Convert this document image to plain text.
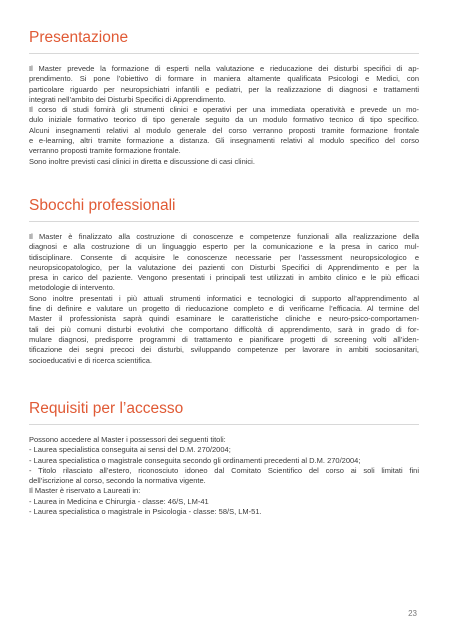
Presentazione
Il Master prevede la formazione di esperti nella valutazione e rieducazione dei disturbi specifici di ap-
prendimento. Si pone l’obiettivo di formare in maniera altamente qualificata Psicologi e Medici, con
particolare riguardo per neuropsichiatri infantili e pediatri, per la realizzazione di diagnosi e trattamenti
integrati nell’ambito dei Disturbi Specifici di Apprendimento.
Il corso di studi fornirà gli strumenti clinici e operativi per una immediata operatività e prevede un mo-
dulo iniziale formativo teorico di tipo generale seguito da un modulo formativo tecnico di tipo specifico.
Alcuni insegnamenti relativi al modulo generale del corso verranno proposti tramite formazione frontale
e e-learning, altri tramite formazione a distanza. Gli insegnamenti relativi al modulo specifico del corso
verranno proposti tramite formazione frontale.
Sono inoltre previsti casi clinici in diretta e discussione di casi clinici.
Sbocchi professionali
Il Master è finalizzato alla costruzione di conoscenze e competenze funzionali alla realizzazione della
diagnosi e alla costruzione di un linguaggio esperto per la comunicazione e la presa in carico mul-
tidisciplinare. Consente di acquisire le conoscenze necessarie per l’assessment neuropsicologico e
neuropsicopatologico, per la valutazione dei pazienti con Disturbi Specifici di Apprendimento e per la
presa in carico del paziente. Vengono presentati i principali test utilizzati in ambito clinico e le più efficaci
metodologie di intervento.
Sono inoltre presentati i più attuali strumenti informatici e tecnologici di supporto all’apprendimento al
fine di definire e valutare un progetto di rieducazione completo e di verificarne l’efficacia. Al termine del
Master il professionista saprà quindi esaminare le caratteristiche cliniche e neuro-psico-comportamen-
tali dei più comuni disturbi evolutivi che comportano difficoltà di apprendimento, sarà in grado di for-
mulare diagnosi, predisporre programmi di trattamento e pianificare progetti di screening volti all’iden-
tificazione dei segni precoci dei disturbi, sviluppando competenze per lavorare in ambiti sociosanitari,
socioeducativi e di ricerca scientifica.
Requisiti per l’accesso
Possono accedere al Master i possessori dei seguenti titoli:
- Laurea specialistica conseguita ai sensi del D.M. 270/2004;
- Laurea specialistica o magistrale conseguita secondo gli ordinamenti precedenti al D.M. 270/2004;
- Titolo rilasciato all’estero, riconosciuto idoneo dal Comitato Scientifico del corso ai soli limitati fini
dell’iscrizione al corso, secondo la normativa vigente.
Il Master è riservato a Laureati in:
- Laurea in Medicina e Chirurgia - classe: 46/S, LM-41
- Laurea specialistica o magistrale in Psicologia - classe: 58/S, LM-51.
23
